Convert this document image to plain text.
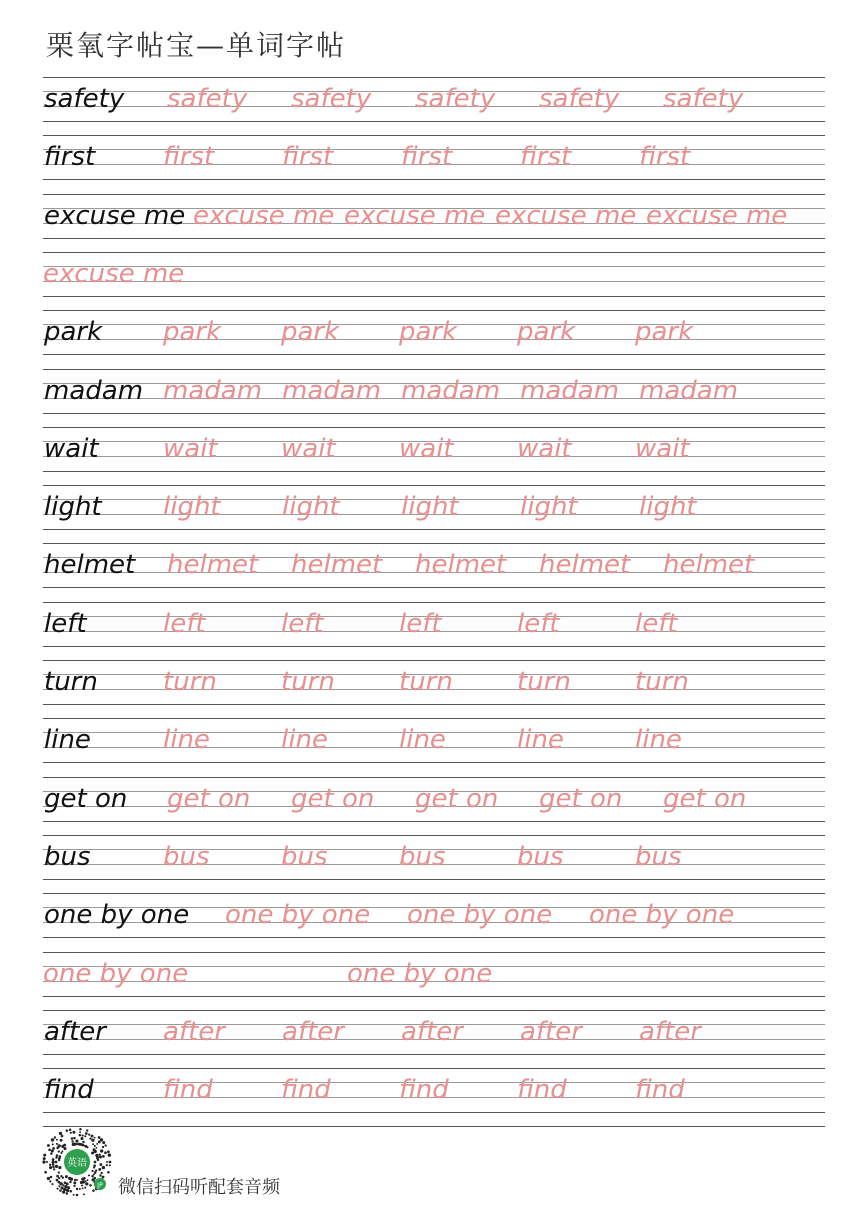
栗氧字帖宝—单词字帖
safety safety safety safety safety safety
first	first	first	first	first	first
excuse me excuse me excuse me excuse me excuse me
excuse me
park park park park park park
madam madam madam madam madam madam
wait wait wait wait wait wait
light light light light light light
helmet helmet helmet helmet helmet helmet
left	left	left	left	left	left
turn	turn turn turn turn turn
line	line	line	line	line	line
get on get on get on get on get on get on
bus	bus	bus	bus	bus	bus
one by one one by one one by one one by one
one by one	one by one
after after after after after after
find	find	find	find	find	find
英语
JP 微信扫码听配套音频
